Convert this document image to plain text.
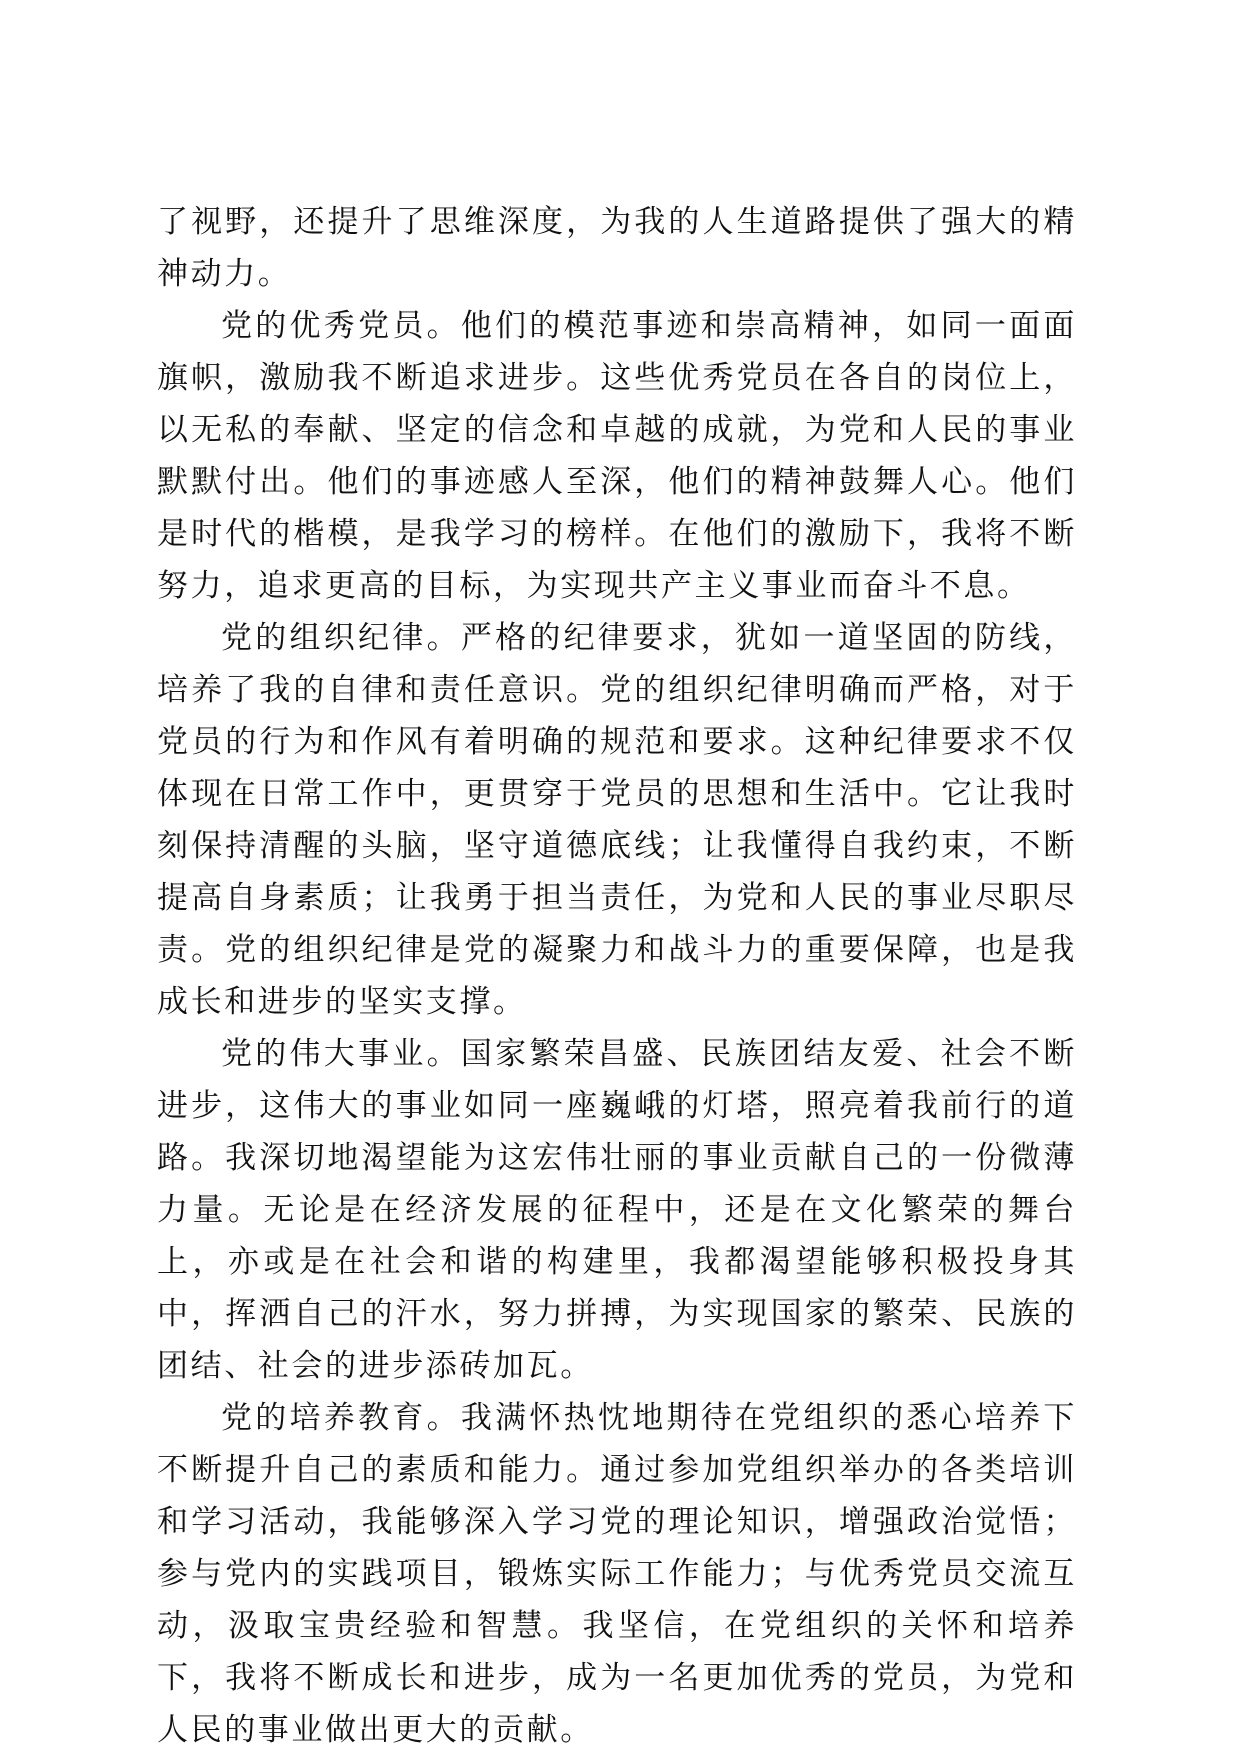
了视野，还提升了思维深度，为我的人生道路提供了强大的精神动力。

党的优秀党员。他们的模范事迹和崇高精神，如同一面面旗帜，激励我不断追求进步。这些优秀党员在各自的岗位上，以无私的奉献、坚定的信念和卓越的成就，为党和人民的事业默默付出。他们的事迹感人至深，他们的精神鼓舞人心。他们是时代的楷模，是我学习的榜样。在他们的激励下，我将不断努力，追求更高的目标，为实现共产主义事业而奋斗不息。

党的组织纪律。严格的纪律要求，犹如一道坚固的防线，培养了我的自律和责任意识。党的组织纪律明确而严格，对于党员的行为和作风有着明确的规范和要求。这种纪律要求不仅体现在日常工作中，更贯穿于党员的思想和生活中。它让我时刻保持清醒的头脑，坚守道德底线；让我懂得自我约束，不断提高自身素质；让我勇于担当责任，为党和人民的事业尽职尽责。党的组织纪律是党的凝聚力和战斗力的重要保障，也是我成长和进步的坚实支撑。

党的伟大事业。国家繁荣昌盛、民族团结友爱、社会不断进步，这伟大的事业如同一座巍峨的灯塔，照亮着我前行的道路。我深切地渴望能为这宏伟壮丽的事业贡献自己的一份微薄力量。无论是在经济发展的征程中，还是在文化繁荣的舞台上，亦或是在社会和谐的构建里，我都渴望能够积极投身其中，挥洒自己的汗水，努力拼搏，为实现国家的繁荣、民族的团结、社会的进步添砖加瓦。

党的培养教育。我满怀热忱地期待在党组织的悉心培养下不断提升自己的素质和能力。通过参加党组织举办的各类培训和学习活动，我能够深入学习党的理论知识，增强政治觉悟；参与党内的实践项目，锻炼实际工作能力；与优秀党员交流互动，汲取宝贵经验和智慧。我坚信，在党组织的关怀和培养下，我将不断成长和进步，成为一名更加优秀的党员，为党和人民的事业做出更大的贡献。
